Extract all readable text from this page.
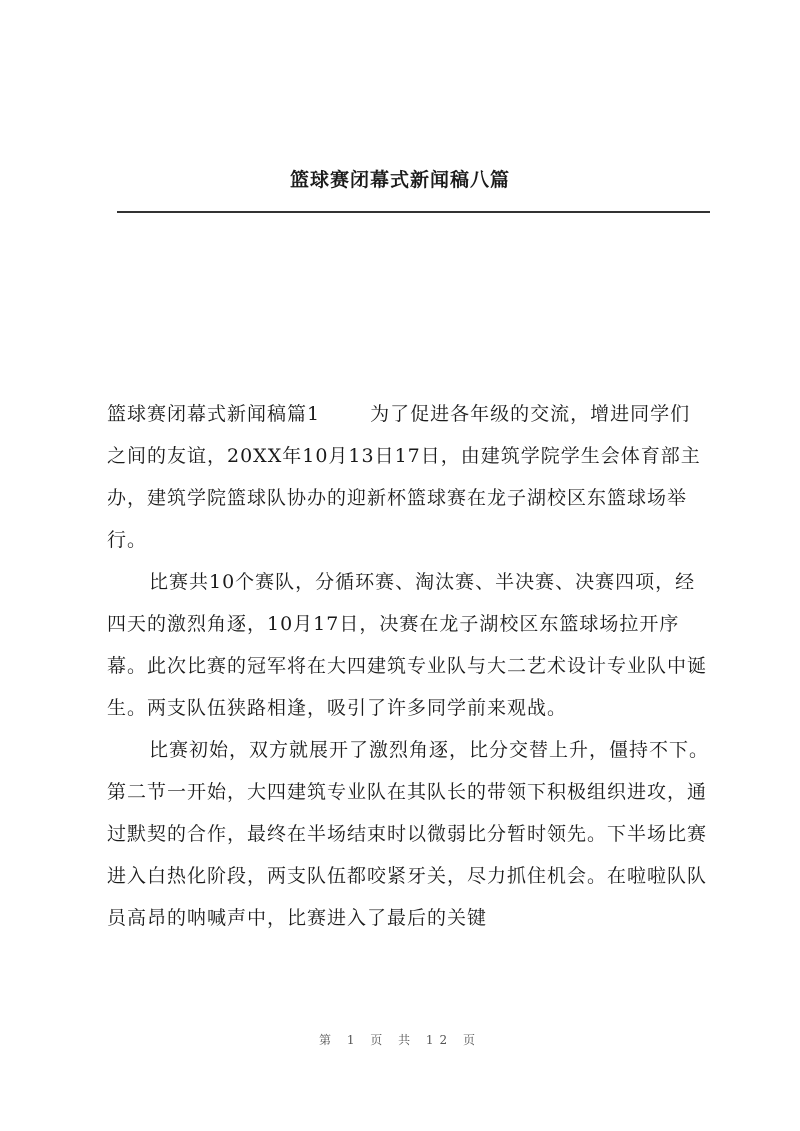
篮球赛闭幕式新闻稿八篇

篮球赛闭幕式新闻稿篇1	为了促进各年级的交流，增进同学们之间的友谊，20XX年10月13日17日，由建筑学院学生会体育部主办，建筑学院篮球队协办的迎新杯篮球赛在龙子湖校区东篮球场举行。

比赛共10个赛队，分循环赛、淘汰赛、半决赛、决赛四项，经四天的激烈角逐，10月17日，决赛在龙子湖校区东篮球场拉开序幕。此次比赛的冠军将在大四建筑专业队与大二艺术设计专业队中诞生。两支队伍狭路相逢，吸引了许多同学前来观战。

比赛初始，双方就展开了激烈角逐，比分交替上升，僵持不下。第二节一开始，大四建筑专业队在其队长的带领下积极组织进攻，通过默契的合作，最终在半场结束时以微弱比分暂时领先。下半场比赛进入白热化阶段，两支队伍都咬紧牙关，尽力抓住机会。在啦啦队队员高昂的呐喊声中，比赛进入了最后的关键

第 1 页 共 12 页
